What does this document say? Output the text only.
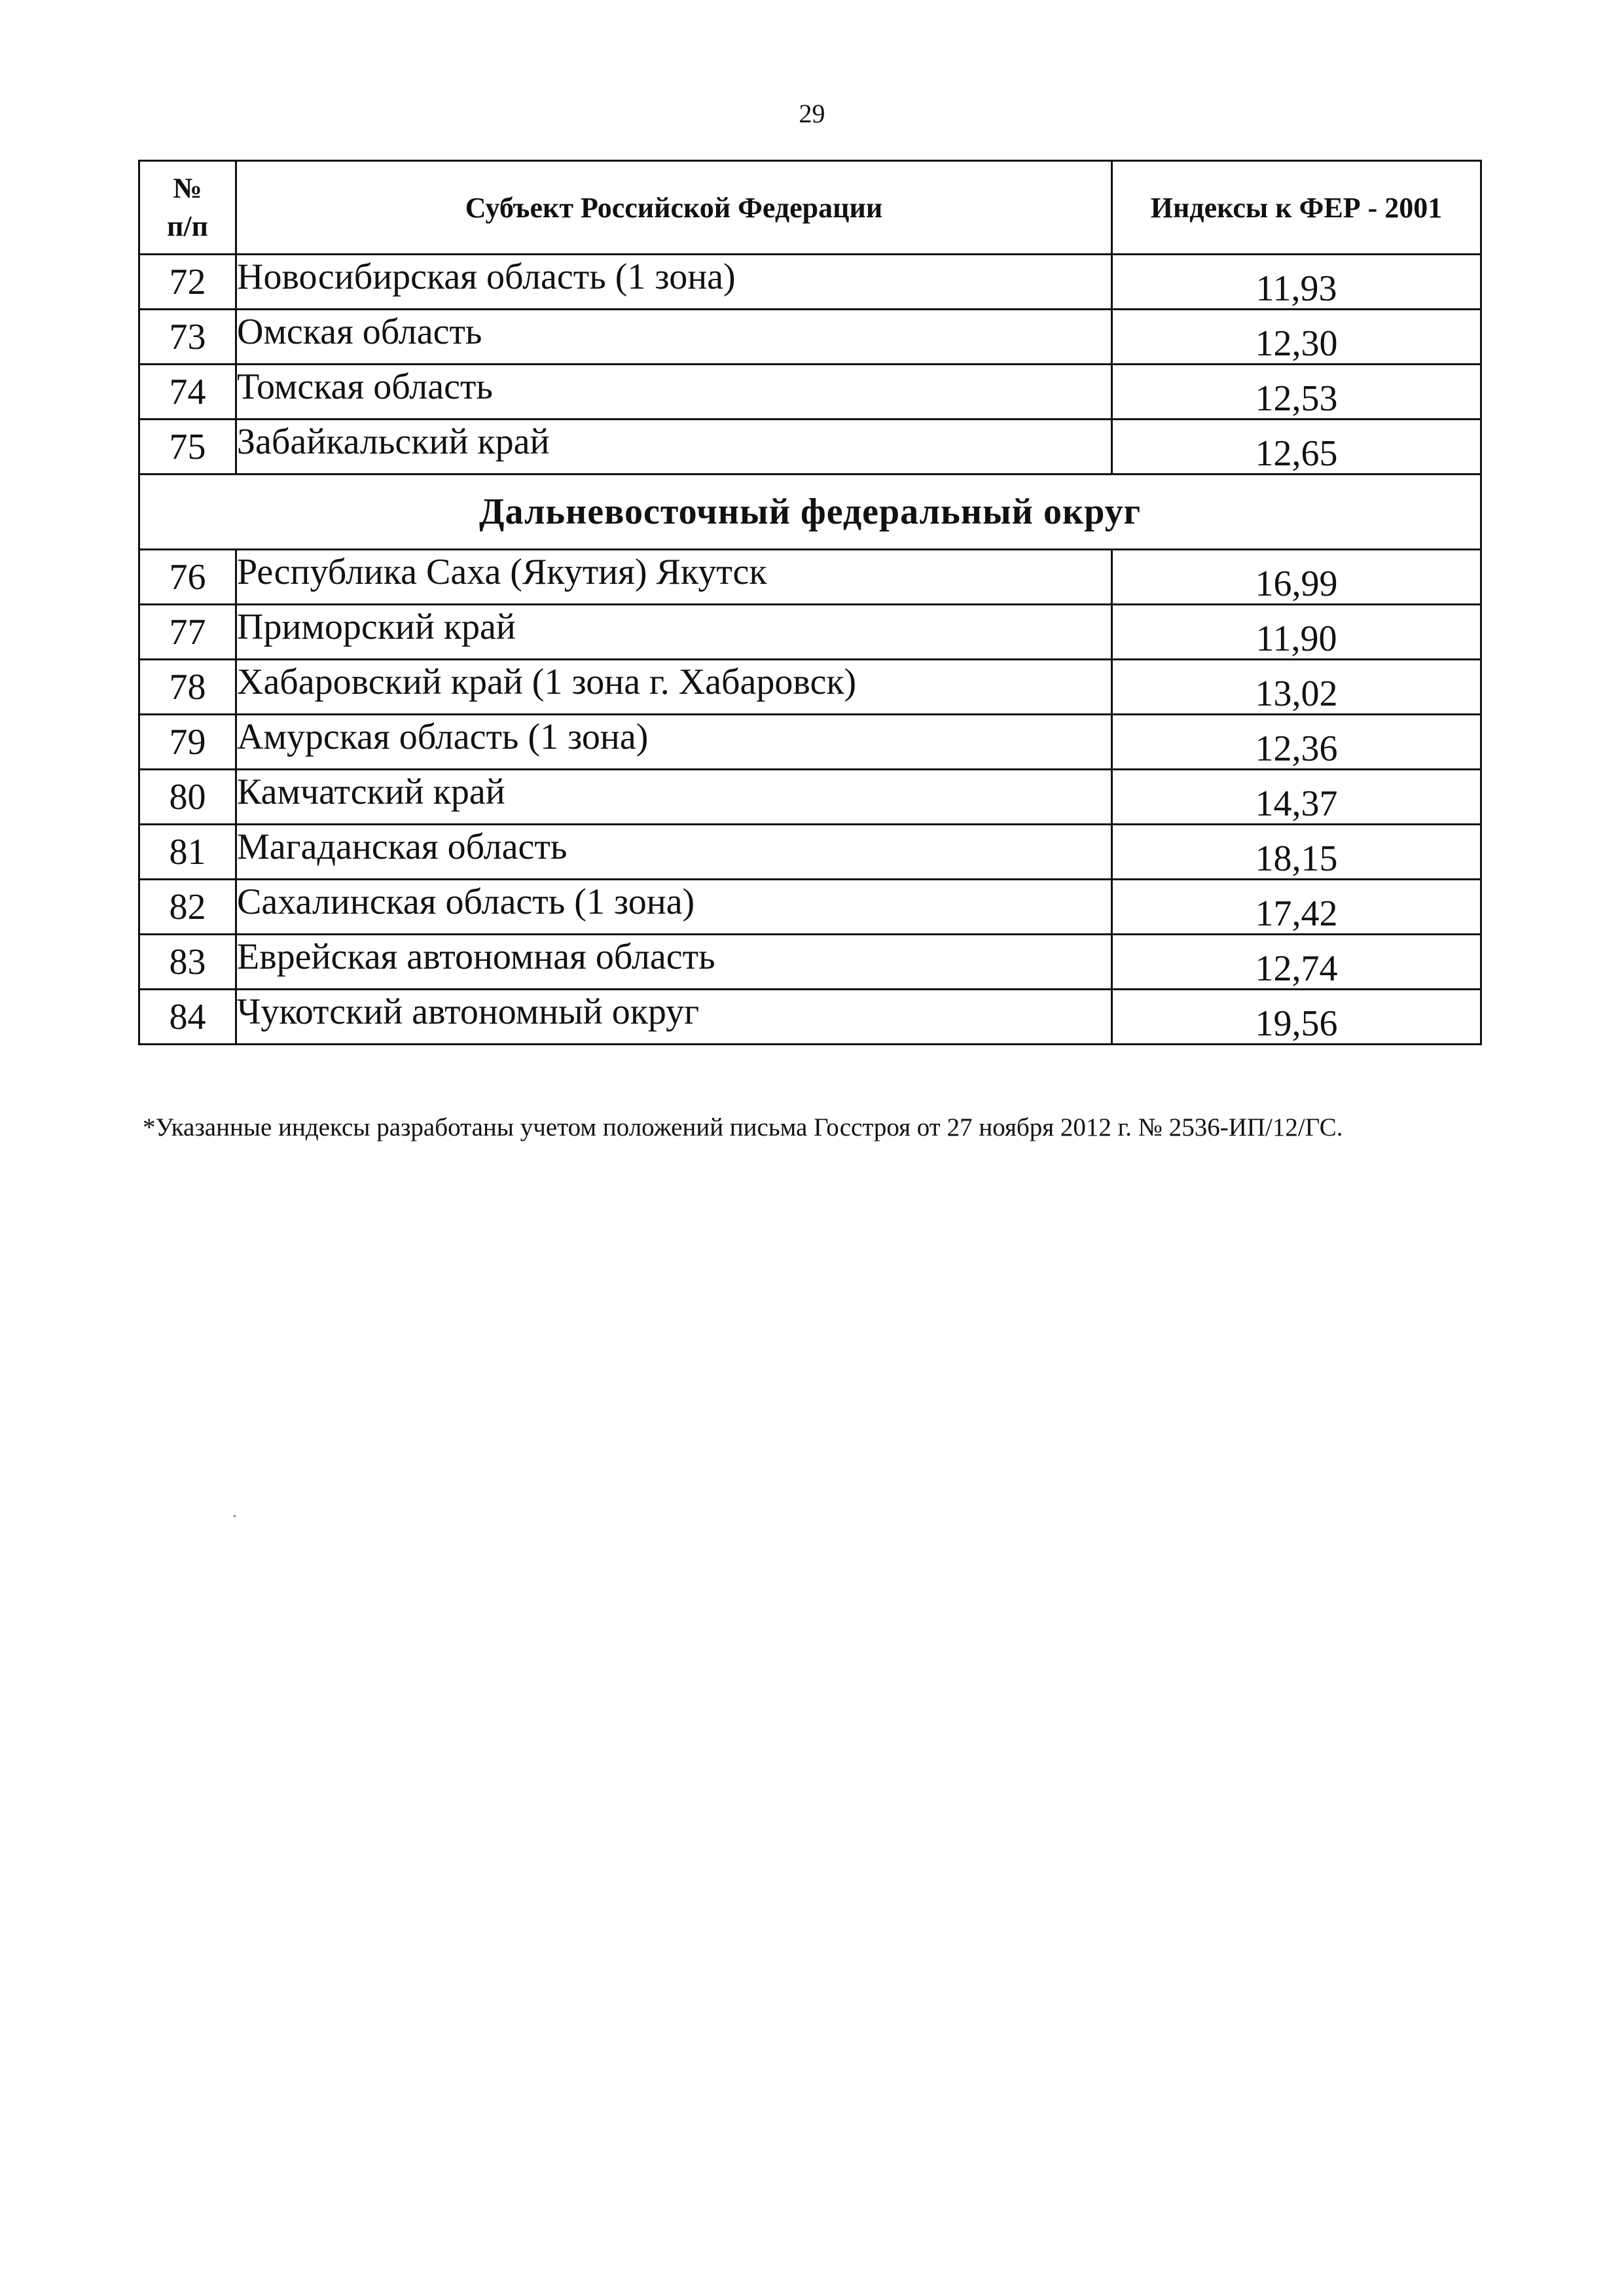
29
№
п/п	Субъект Российской Федерации	Индексы к ФЕР - 2001
72	Новосибирская область (1 зона)	11,93
73	Омская область	12,30
74	Томская область	12,53
75	Забайкальский край	12,65
Дальневосточный федеральный округ		
76	Республика Саха (Якутия) Якутск	16,99
77	Приморский край	11,90
78	Хабаровский край (1 зона г. Хабаровск)	13,02
79	Амурская область (1 зона)	12,36
80	Камчатский край	14,37
81	Магаданская область	18,15
82	Сахалинская область (1 зона)	17,42
83	Еврейская автономная область	12,74
84	Чукотский автономный округ	19,56
*Указанные индексы разработаны учетом положений письма Госстроя от 27 ноября 2012 г. № 2536-ИП/12/ГС.
